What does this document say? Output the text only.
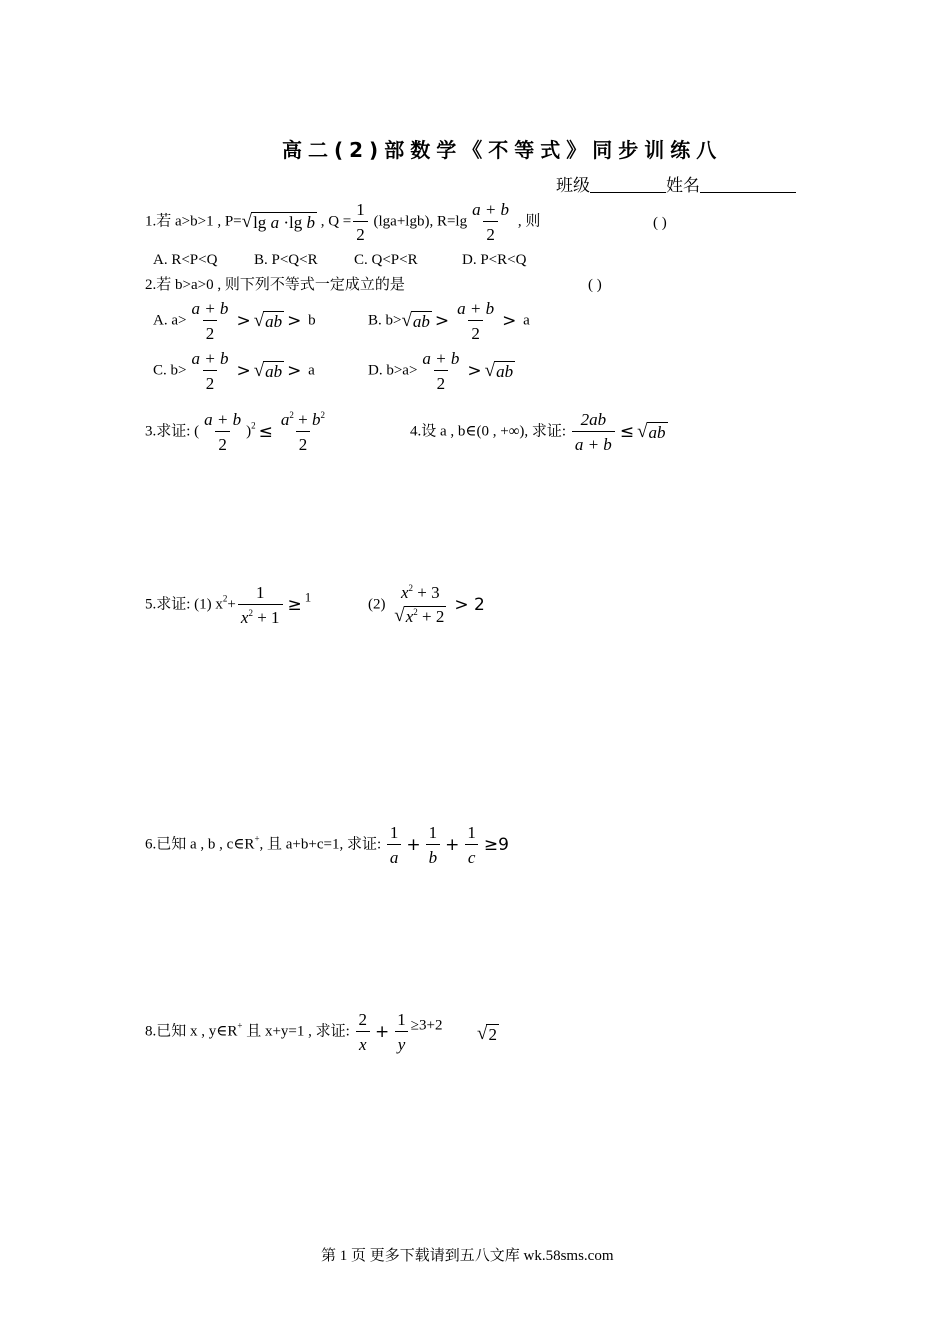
高二(2)部数学《不等式》同步训练八
班级	姓名
1.若 a>b>1 , P= √ lg a ·lg b , $Q = \frac{1}{2} (\lg a+\lg b)$, $R=\lg \frac{a + b}{2}$ , 则	( )
A. R<P<Q B. P<Q<R C. Q<P<R	D. P<R<Q
2.若 b>a>0 , 则下列不等式一定成立的是	( )
A. $a> \frac{a + b}{2}$ > √ ab > b	B. b> √ ab > $\frac{a + b}{2} > a$
C. $b> \frac{a + b}{2}$ > √ ab > a	D. $b>a> \frac{a + b}{2}$ > √ ab
3.求证: ( $\frac{a + b}{2} )^2 \le \frac{a^2 + b^2}{2}$	4.设 a , b∈(0 , +∞), 求证: $\frac{2ab}{a + b}$ ≤ √ ab
5.求证: (1) $x^2+ \frac{1}{x^2 + 1} \ge ^1$	(2)
$x^2 + 3$
√ $x^2 + 2$
> 2
6.已知 a , b , c∈R+, 且 a+b+c=1, 求证: $\frac{1}{a} + \frac{1}{b} + \frac{1}{c} \ge 9$
8.已知 x , y∈R+ 且 x+y=1 , 求证: $\frac{2}{x} + \frac{1}{y} \ge 3+2$ √ 2
第 1 页 更多下载请到五八文库 wk.58sms.com
